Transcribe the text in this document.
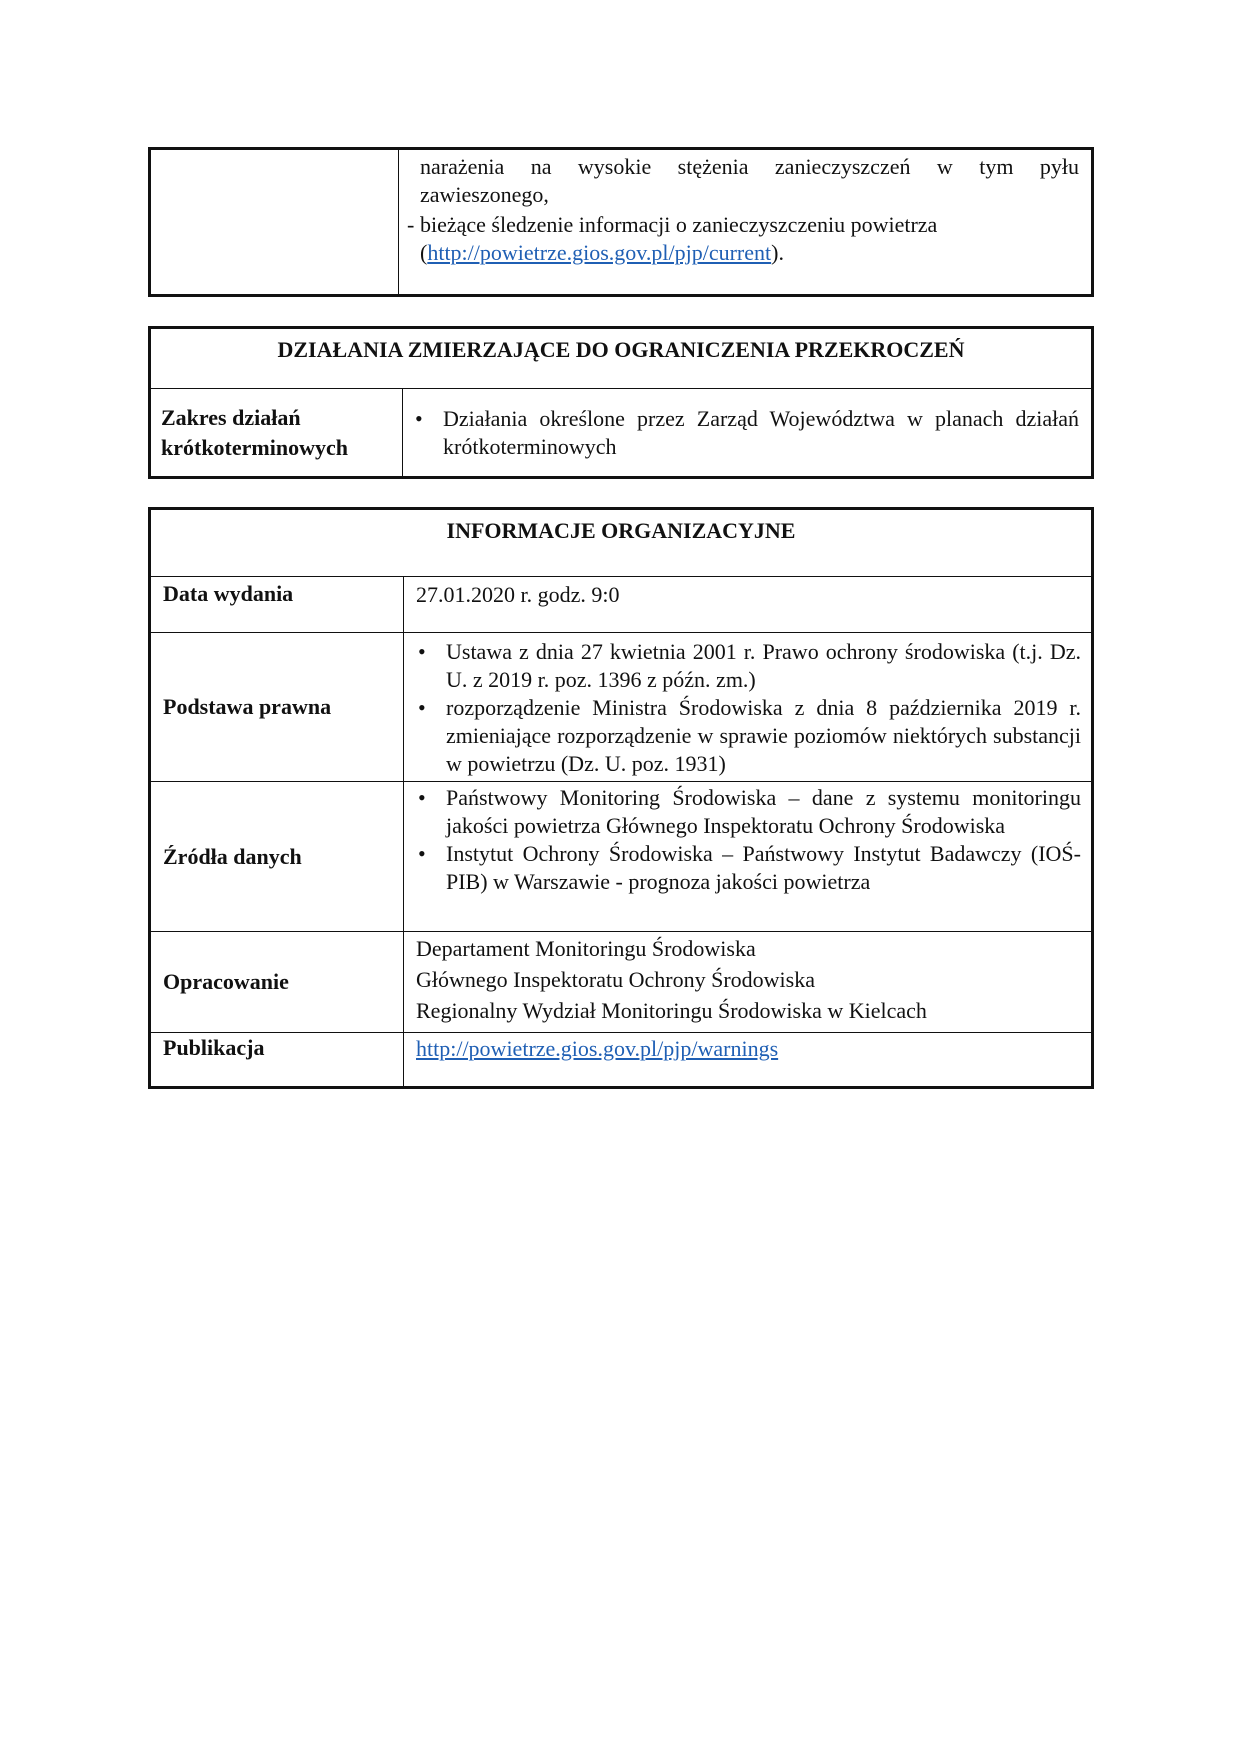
narażenia na wysokie stężenia zanieczyszczeń w tym pyłu
zawieszonego,
- bieżące śledzenie informacji o zanieczyszczeniu powietrza
(http://powietrze.gios.gov.pl/pjp/current).
DZIAŁANIA ZMIERZAJĄCE DO OGRANICZENIA PRZEKROCZEŃ
Zakres działań
krótkoterminowych
• Działania określone przez Zarząd Województwa w planach działań krótkoterminowych
INFORMACJE ORGANIZACYJNE
Data wydania	27.01.2020 r. godz. 9:0
Podstawa prawna
• Ustawa z dnia 27 kwietnia 2001 r. Prawo ochrony środowiska (t.j. Dz. U. z 2019 r. poz. 1396 z późn. zm.)
• rozporządzenie Ministra Środowiska z dnia 8 października 2019 r. zmieniające rozporządzenie w sprawie poziomów niektórych substancji w powietrzu (Dz. U. poz. 1931)
Źródła danych
• Państwowy Monitoring Środowiska – dane z systemu monitoringu jakości powietrza Głównego Inspektoratu Ochrony Środowiska
• Instytut Ochrony Środowiska – Państwowy Instytut Badawczy (IOŚ-PIB) w Warszawie - prognoza jakości powietrza
Opracowanie
Departament Monitoringu Środowiska
Głównego Inspektoratu Ochrony Środowiska
Regionalny Wydział Monitoringu Środowiska w Kielcach
Publikacja	http://powietrze.gios.gov.pl/pjp/warnings
